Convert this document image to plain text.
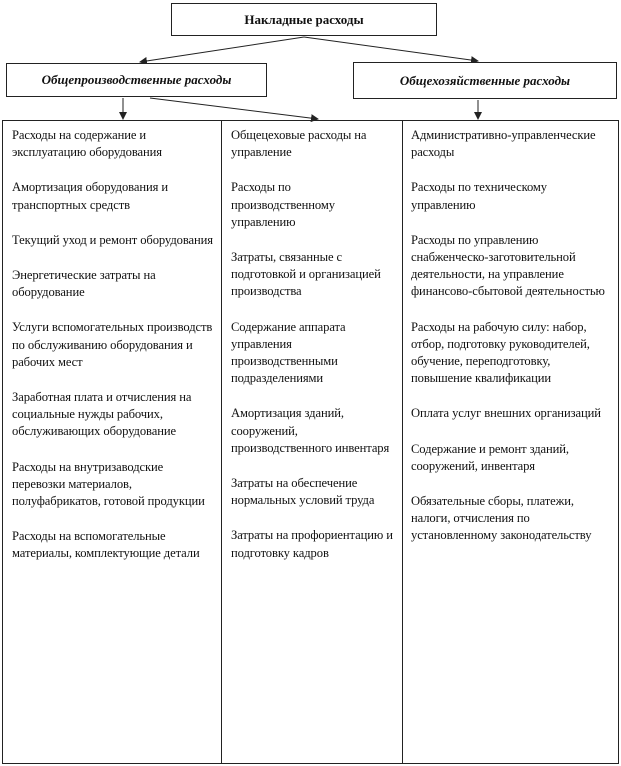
Накладные расходы
Общепроизводственные расходы	Общехозяйственные расходы
Расходы на содержание и эксплуатацию оборудования
Амортизация оборудования и транспортных средств
Текущий уход и ремонт оборудования
Энергетические затраты на оборудование
Услуги вспомогательных производств по обслуживанию оборудования и рабочих мест
Заработная плата и отчисления на социальные нужды рабочих, обслуживающих оборудование
Расходы на внутризаводские перевозки материалов, полуфабрикатов, готовой продукции
Расходы на вспомогательные материалы, комплектующие детали
Общецеховые расходы на управление
Расходы по производственному управлению
Затраты, связанные с подготовкой и организацией производства
Содержание аппарата управления производственными подразделениями
Амортизация зданий, сооружений, производственного инвентаря
Затраты на обеспечение нормальных условий труда
Затраты на профориентацию и подготовку кадров
Административно-управленческие расходы
Расходы по техническому управлению
Расходы по управлению снабженческо-заготовительной деятельности, на управление финансово-сбытовой деятельностью
Расходы на рабочую силу: набор, отбор, подготовку руководителей, обучение, переподготовку, повышение квалификации
Оплата услуг внешних организаций
Содержание и ремонт зданий, сооружений, инвентаря
Обязательные сборы, платежи, налоги, отчисления по установленному законодательству
